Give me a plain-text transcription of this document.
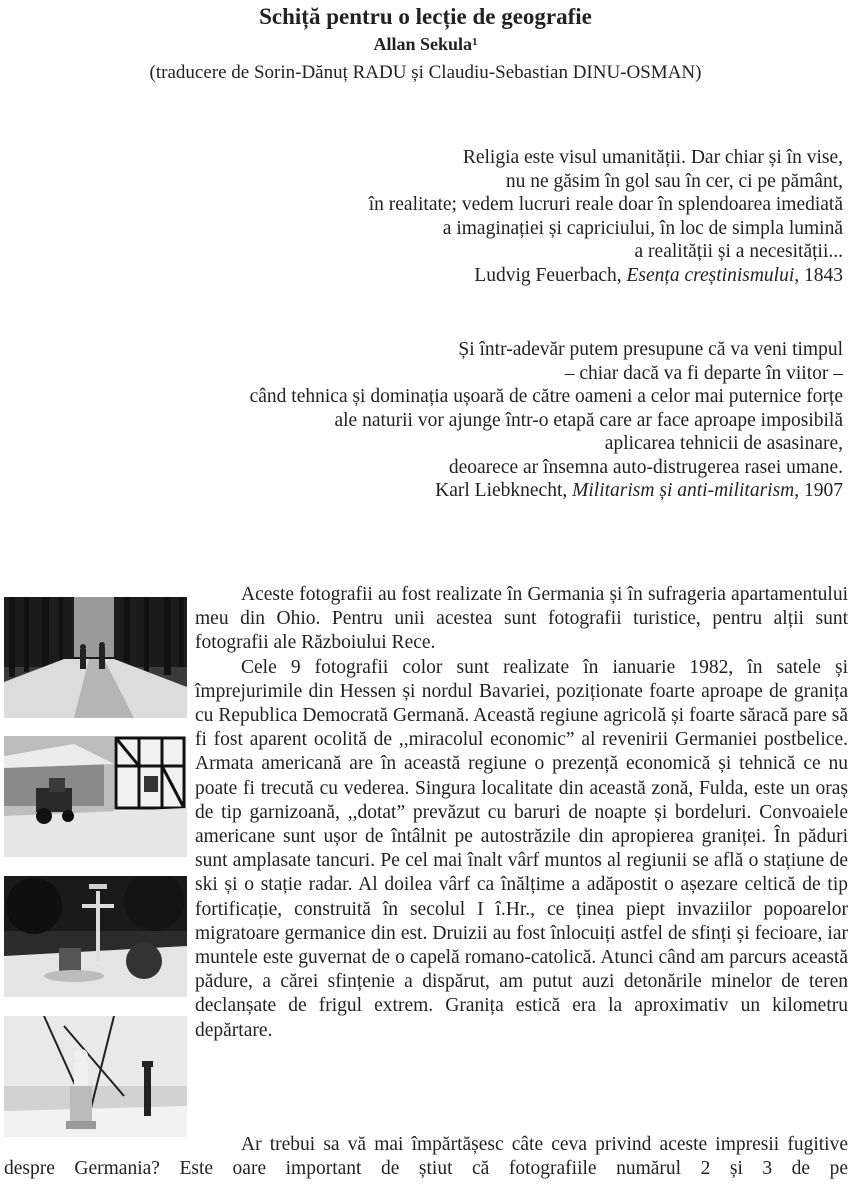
Schiță pentru o lecție de geografie
Allan Sekula$^1$
(traducere de Sorin-Dănuț RADU și Claudiu-Sebastian DINU-OSMAN)
Religia este visul umanității. Dar chiar și în vise,
nu ne găsim în gol sau în cer, ci pe pământ,
în realitate; vedem lucruri reale doar în splendoarea imediată
a imaginației și capriciului, în loc de simpla lumină
a realității și a necesității...
Ludvig Feuerbach, Esența creștinismului, 1843
Și într-adevăr putem presupune că va veni timpul
– chiar dacă va fi departe în viitor –
când tehnica și dominația ușoară de către oameni a celor mai puternice forțe
ale naturii vor ajunge într-o etapă care ar face aproape imposibilă
aplicarea tehnicii de asasinare,
deoarece ar însemna auto-distrugerea rasei umane.
Karl Liebknecht, Militarism și anti-militarism, 1907

Aceste fotografii au fost realizate în Germania și în sufrageria apartamentului meu din Ohio. Pentru unii acestea sunt fotografii turistice, pentru alții sunt fotografii ale Războiului Rece.

Cele 9 fotografii color sunt realizate în ianuarie 1982, în satele și împrejurimile din Hessen și nordul Bavariei, poziționate foarte aproape de granița cu Republica Democrată Germană. Această regiune agricolă și foarte săracă pare să fi fost aparent ocolită de ,,miracolul economic” al revenirii Germaniei postbelice. Armata americană are în această regiune o prezență economică și tehnică ce nu poate fi trecută cu vederea. Singura localitate din această zonă, Fulda, este un oraș de tip garnizoană, ,,dotat” prevăzut cu baruri de noapte și bordeluri. Convoaiele americane sunt ușor de întâlnit pe autostrăzile din apropierea graniței. În păduri sunt amplasate tancuri. Pe cel mai înalt vârf muntos al regiunii se află o stațiune de ski și o stație radar. Al doilea vârf ca înălțime a adăpostit o așezare celtică de tip fortificație, construită în secolul I î.Hr., ce ținea piept invaziilor popoarelor migratoare germanice din est. Druizii au fost înlocuiți astfel de sfinți și fecioare, iar muntele este guvernat de o capelă romano-catolică. Atunci când am parcurs această pădure, a cărei sfințenie a dispărut, am putut auzi detonările minelor de teren declanșate de frigul extrem. Granița estică era la aproximativ un kilometru depărtare.

Ar trebui sa vă mai împărtășesc câte ceva privind aceste impresii fugitive despre Germania? Este oare important de știut că fotografiile numărul 2 și 3 de pe
